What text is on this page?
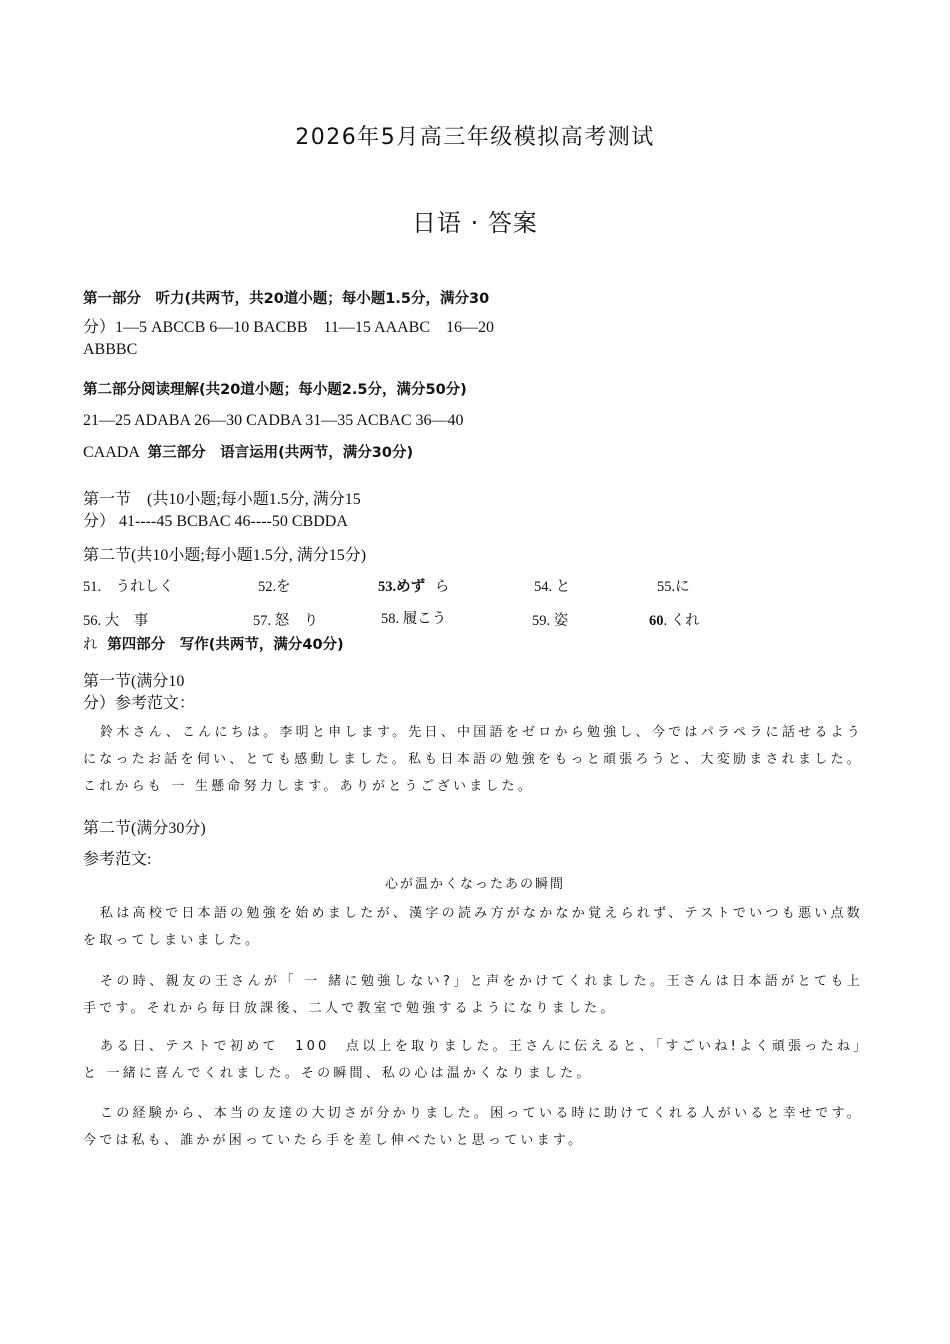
2026年5月高三年级模拟高考测试
日语 · 答案
第一部分　听力(共两节，共20道小题；每小题1.5分，满分30
分）1—5 ABCCB 6—10 BACBB　11—15 AAABC　16—20
ABBBC
第二部分阅读理解(共20道小题；每小题2.5分，满分50分)
21—25 ADABA 26—30 CADBA 31—35 ACBAC 36—40
CAADA 第三部分　语言运用(共两节，满分30分)
第一节　(共10小题;每小题1.5分, 满分15
分） 41----45 BCBAC 46----50 CBDDA
第二节(共10小题;每小题1.5分, 满分15分)
51.　うれしく	52.を	53.めず ら	54. と	55.に
56. 大　事	57. 怒　り	58. 履こう	59. 姿	60. くれ
れ 第四部分　写作(共两节，满分40分)
第一节(满分10
分）参考范文：
鈴木さん、こんにちは。李明と申します。先日、中国語をゼロから勉強し、今ではパラペラに話せるようになったお話を伺い、とても感動しました。私も日本語の勉強をもっと頑張ろうと、大変励まされました。これからも 一 生懸命努力します。ありがとうございました。
第二节(满分30分)
参考范文:
心が温かくなったあの瞬間
私は高校で日本語の勉強を始めましたが、漢字の読み方がなかなか覚えられず、テストでいつも悪い点数を取ってしまいました。
その時、親友の王さんが「 一 緒に勉強しない?」と声をかけてくれました。王さんは日本語がとても上 手です。それから毎日放課後、二人で教室で勉強するようになりました。
ある日、テストで初めて　100　点以上を取りました。王さんに伝えると、「すごいね!よく頑張ったね」と 一緒に喜んでくれました。その瞬間、私の心は温かくなりました。
この経験から、本当の友達の大切さが分かりました。困っている時に助けてくれる人がいると幸せです。今では私も、誰かが困っていたら手を差し伸べたいと思っています。
